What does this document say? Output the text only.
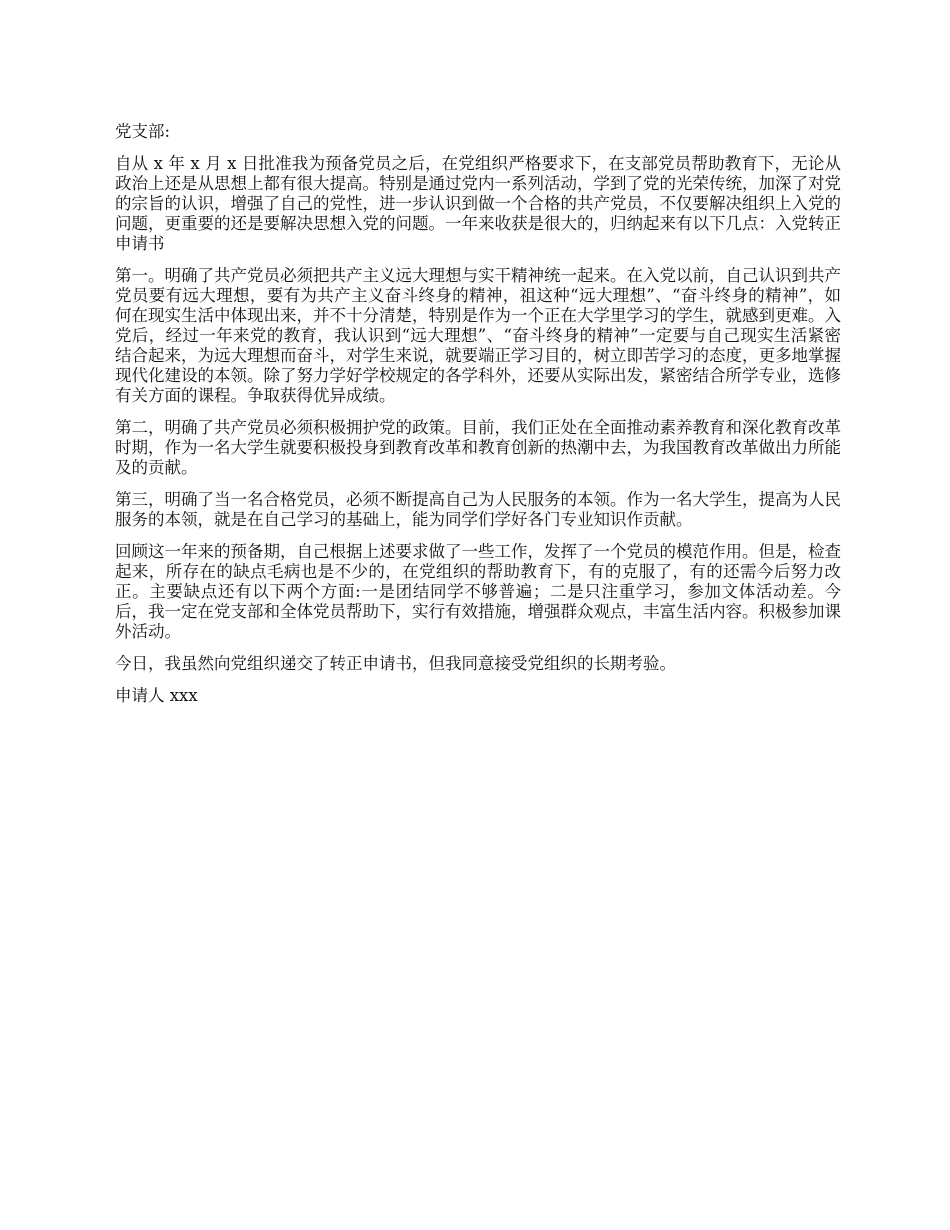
党支部:

自从 x 年 x 月 x 日批准我为预备党员之后，在党组织严格要求下，在支部党员帮助教育下，无论从政治上还是从思想上都有很大提高。特别是通过党内一系列活动，学到了党的光荣传统，加深了对党的宗旨的认识，增强了自己的党性，进一步认识到做一个合格的共产党员，不仅要解决组织上入党的问题，更重要的还是要解决思想入党的问题。一年来收获是很大的，归纳起来有以下几点：入党转正申请书

第一。明确了共产党员必须把共产主义远大理想与实干精神统一起来。在入党以前，自己认识到共产党员要有远大理想，要有为共产主义奋斗终身的精神，祖这种“远大理想”、“奋斗终身的精神”，如何在现实生活中体现出来，并不十分清楚，特别是作为一个正在大学里学习的学生，就感到更难。入党后，经过一年来党的教育，我认识到“远大理想”、“奋斗终身的精神”一定要与自己现实生活紧密结合起来，为远大理想而奋斗，对学生来说，就要端正学习目的，树立即苦学习的态度，更多地掌握现代化建设的本领。除了努力学好学校规定的各学科外，还要从实际出发，紧密结合所学专业，选修有关方面的课程。争取获得优异成绩。

第二，明确了共产党员必须积极拥护党的政策。目前，我们正处在全面推动素养教育和深化教育改革时期，作为一名大学生就要积极投身到教育改革和教育创新的热潮中去，为我国教育改革做出力所能及的贡献。

第三，明确了当一名合格党员，必须不断提高自己为人民服务的本领。作为一名大学生，提高为人民服务的本领，就是在自己学习的基础上，能为同学们学好各门专业知识作贡献。

回顾这一年来的预备期，自己根据上述要求做了一些工作，发挥了一个党员的模范作用。但是，检查起来，所存在的缺点毛病也是不少的，在党组织的帮助教育下，有的克服了，有的还需今后努力改正。主要缺点还有以下两个方面:一是团结同学不够普遍；二是只注重学习，参加文体活动差。今后，我一定在党支部和全体党员帮助下，实行有效措施，增强群众观点，丰富生活内容。积极参加课外活动。

今日，我虽然向党组织递交了转正申请书，但我同意接受党组织的长期考验。

申请人 xxx
